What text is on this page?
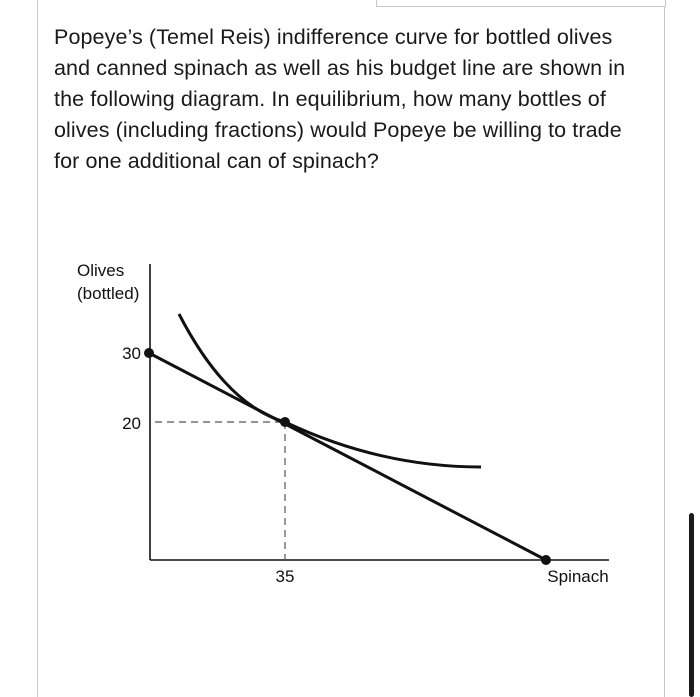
Popeye’s (Temel Reis) indifference curve for bottled olives and canned spinach as well as his budget line are shown in the following diagram. In equilibrium, how many bottles of olives (including fractions) would Popeye be willing to trade for one additional can of spinach?

Olives
(bottled)
30
20
35	Spinach
